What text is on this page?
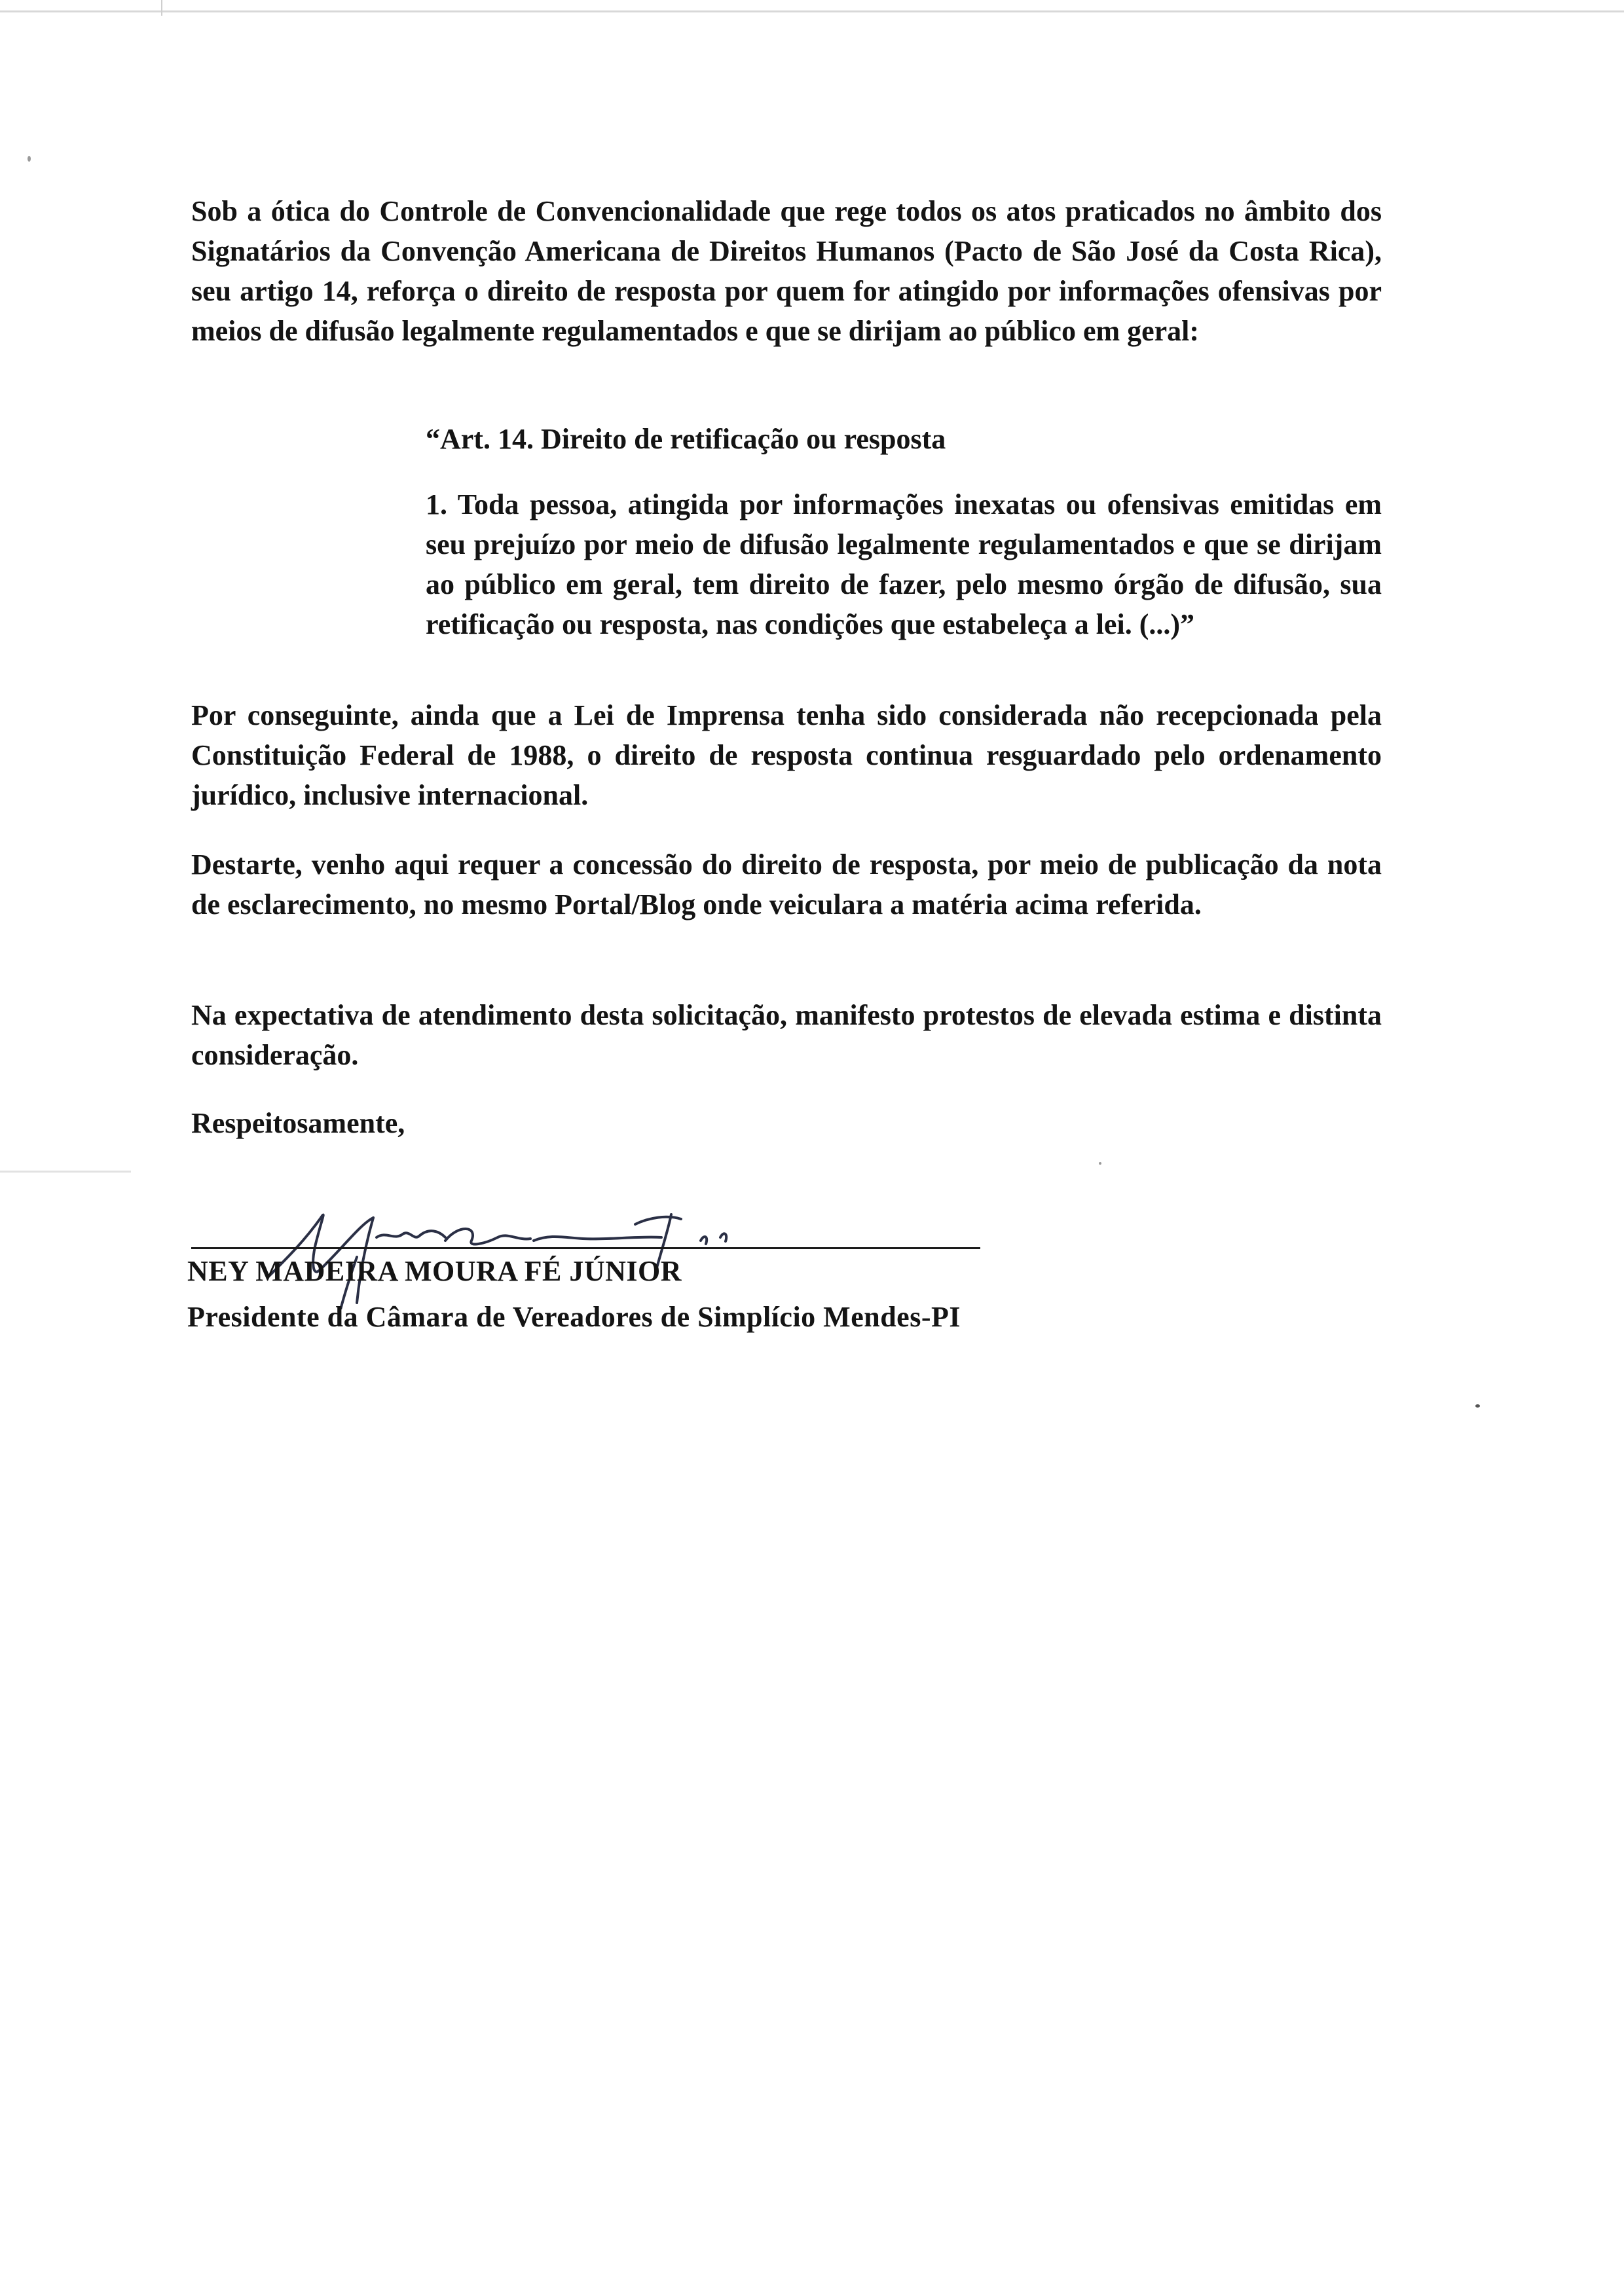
Sob a ótica do Controle de Convencionalidade que rege todos os atos praticados no âmbito dos Signatários da Convenção Americana de Direitos Humanos (Pacto de São José da Costa Rica), seu artigo 14, reforça o direito de resposta por quem for atingido por informações ofensivas por meios de difusão legalmente regulamentados e que se dirijam ao público em geral:

“Art. 14. Direito de retificação ou resposta

1. Toda pessoa, atingida por informações inexatas ou ofensivas emitidas em seu prejuízo por meio de difusão legalmente regulamentados e que se dirijam ao público em geral, tem direito de fazer, pelo mesmo órgão de difusão, sua retificação ou resposta, nas condições que estabeleça a lei. (...)”

Por conseguinte, ainda que a Lei de Imprensa tenha sido considerada não recepcionada pela Constituição Federal de 1988, o direito de resposta continua resguardado pelo ordenamento jurídico, inclusive internacional.

Destarte, venho aqui requer a concessão do direito de resposta, por meio de publicação da nota de esclarecimento, no mesmo Portal/Blog onde veiculara a matéria acima referida.

Na expectativa de atendimento desta solicitação, manifesto protestos de elevada estima e distinta consideração.

Respeitosamente,

NEY MADEIRA MOURA FÉ JÚNIOR
Presidente da Câmara de Vereadores de Simplício Mendes-PI
